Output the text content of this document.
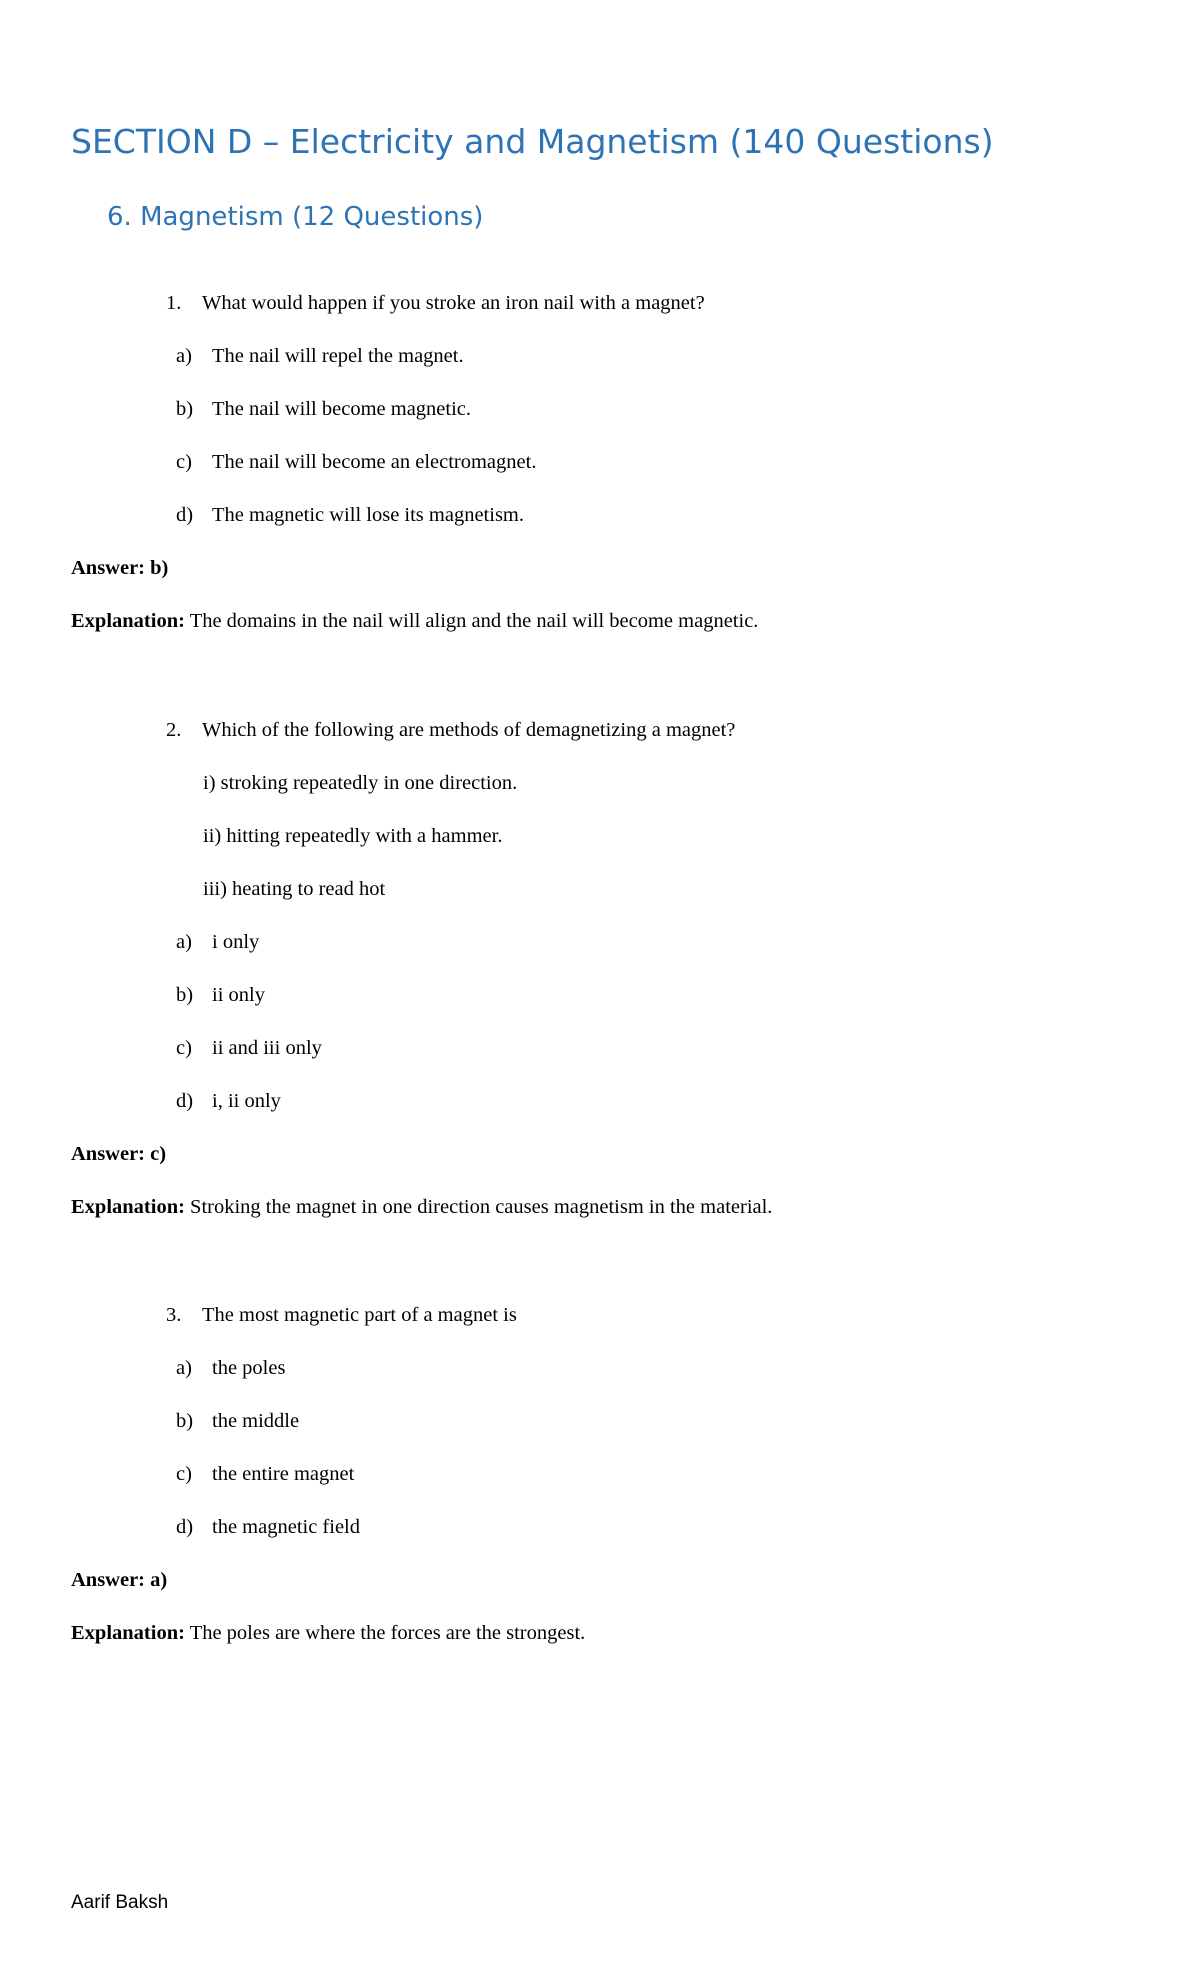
SECTION D – Electricity and Magnetism (140 Questions)
6. Magnetism (12 Questions)
1. What would happen if you stroke an iron nail with a magnet?
a) The nail will repel the magnet.
b) The nail will become magnetic.
c) The nail will become an electromagnet.
d) The magnetic will lose its magnetism.
Answer: b)
Explanation: The domains in the nail will align and the nail will become magnetic.
2. Which of the following are methods of demagnetizing a magnet?
i) stroking repeatedly in one direction.
ii) hitting repeatedly with a hammer.
iii) heating to read hot
a) i only
b) ii only
c) ii and iii only
d) i, ii only
Answer: c)
Explanation: Stroking the magnet in one direction causes magnetism in the material.
3. The most magnetic part of a magnet is
a) the poles
b) the middle
c) the entire magnet
d) the magnetic field
Answer: a)
Explanation: The poles are where the forces are the strongest.
Aarif Baksh
